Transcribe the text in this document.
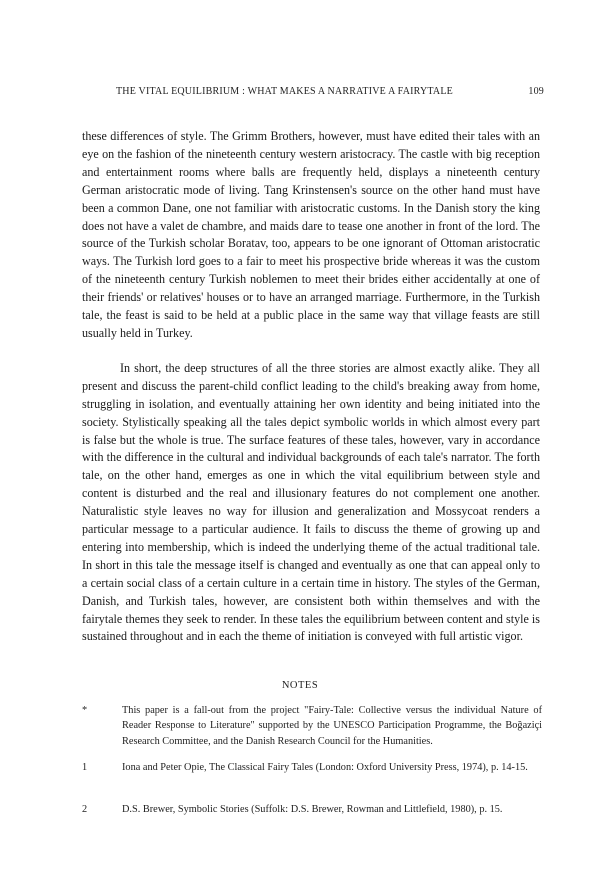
THE VITAL EQUILIBRIUM : WHAT MAKES A NARRATIVE A FAIRYTALE	109

these differences of style. The Grimm Brothers, however, must have edited their tales with an eye on the fashion of the nineteenth century western aristocracy. The castle with big reception and entertainment rooms where balls are frequently held, displays a nineteenth century German aristocratic mode of living. Tang Krinstensen's source on the other hand must have been a common Dane, one not familiar with aristocratic customs. In the Danish story the king does not have a valet de chambre, and maids dare to tease one another in front of the lord. The source of the Turkish scholar Boratav, too, appears to be one ignorant of Ottoman aristocratic ways. The Turkish lord goes to a fair to meet his prospective bride whereas it was the custom of the nineteenth century Turkish noblemen to meet their brides either accidentally at one of their friends' or relatives' houses or to have an arranged marriage. Furthermore, in the Turkish tale, the feast is said to be held at a public place in the same way that village feasts are still usually held in Turkey.

In short, the deep structures of all the three stories are almost exactly alike. They all present and discuss the parent-child conflict leading to the child's breaking away from home, struggling in isolation, and eventually attaining her own identity and being initiated into the society. Stylistically speaking all the tales depict symbolic worlds in which almost every part is false but the whole is true. The surface features of these tales, however, vary in accordance with the difference in the cultural and individual backgrounds of each tale's narrator. The forth tale, on the other hand, emerges as one in which the vital equilibrium between style and content is disturbed and the real and illusionary features do not complement one another. Naturalistic style leaves no way for illusion and generalization and Mossycoat renders a particular message to a particular audience. It fails to discuss the theme of growing up and entering into membership, which is indeed the underlying theme of the actual traditional tale. In short in this tale the message itself is changed and eventually as one that can appeal only to a certain social class of a certain culture in a certain time in history. The styles of the German, Danish, and Turkish tales, however, are consistent both within themselves and with the fairytale themes they seek to render. In these tales the equilibrium between content and style is sustained throughout and in each the theme of initiation is conveyed with full artistic vigor.

NOTES
*	This paper is a fall-out from the project "Fairy-Tale: Collective versus the individual Nature of Reader Response to Literature" supported by the UNESCO Participation Programme, the Boğaziçi Research Committee, and the Danish Research Council for the Humanities.
1	Iona and Peter Opie, The Classical Fairy Tales (London: Oxford University Press, 1974), p. 14-15.
2	D.S. Brewer, Symbolic Stories (Suffolk: D.S. Brewer, Rowman and Littlefield, 1980), p. 15.
